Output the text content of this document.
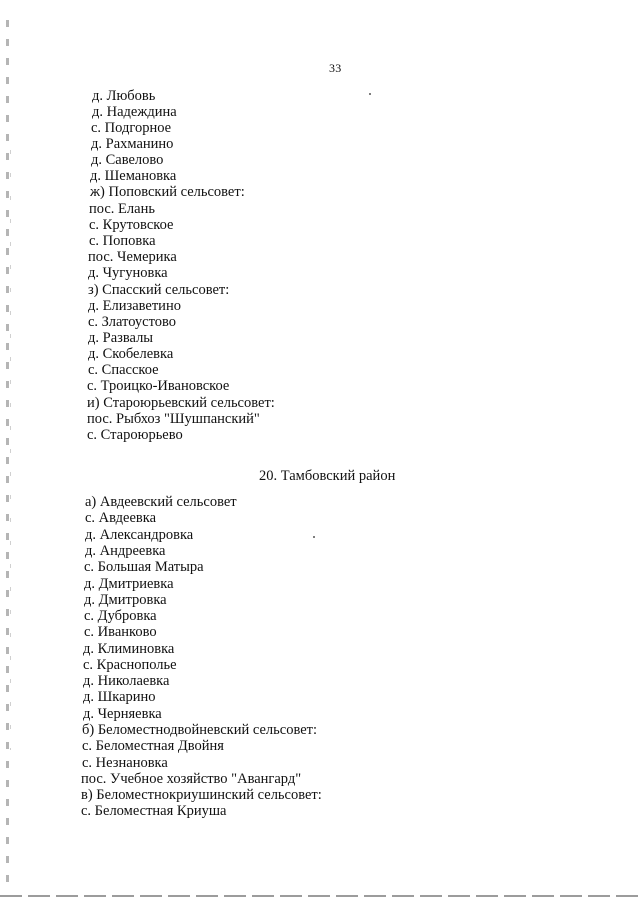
33
д. Любовь
д. Надеждина
с. Подгорное
д. Рахманино
д. Савелово
д. Шемановка
ж) Поповский сельсовет:
пос. Елань
с. Крутовское
с. Поповка
пос. Чемерика
д. Чугуновка
з) Спасский сельсовет:
д. Елизаветино
с. Златоустово
д. Развалы
д. Скобелевка
с. Спасское
с. Троицко-Ивановское
и) Староюрьевский сельсовет:
пос. Рыбхоз "Шушпанский"
с. Староюрьево
20. Тамбовский район
а) Авдеевский сельсовет
с. Авдеевка
д. Александровка
д. Андреевка
с. Большая Матыра
д. Дмитриевка
д. Дмитровка
с. Дубровка
с. Иванково
д. Климиновка
с. Краснополье
д. Николаевка
д. Шкарино
д. Черняевка
б) Беломестнодвойневский сельсовет:
с. Беломестная Двойня
с. Незнановка
пос. Учебное хозяйство "Авангард"
в) Беломестнокриушинский сельсовет:
с. Беломестная Криуша
